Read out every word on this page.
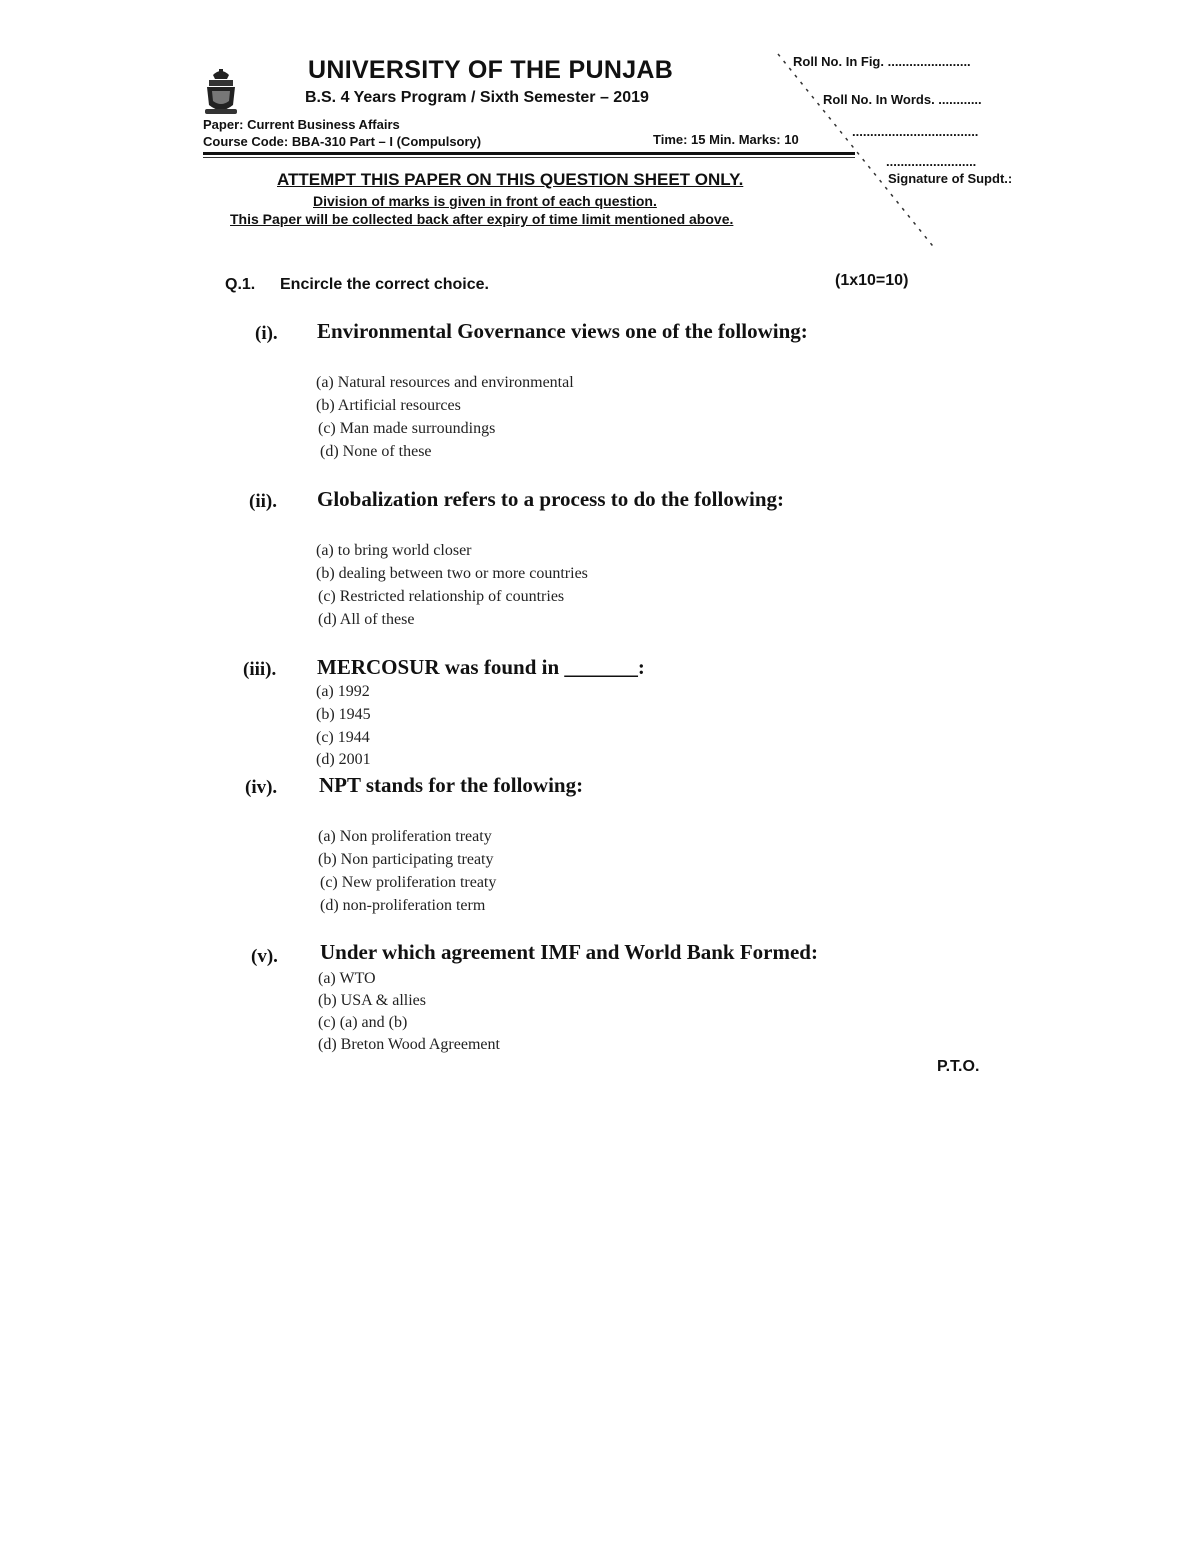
UNIVERSITY OF THE PUNJAB
B.S. 4 Years Program / Sixth Semester – 2019
Paper: Current Business Affairs
Course Code: BBA-310 Part – I (Compulsory)	Time: 15 Min. Marks: 10
Roll No. In Fig. .......................
Roll No. In Words. ............
...................................
.........................
Signature of Supdt.:
ATTEMPT THIS PAPER ON THIS QUESTION SHEET ONLY.
Division of marks is given in front of each question.
This Paper will be collected back after expiry of time limit mentioned above.
Q.1. Encircle the correct choice.	(1x10=10)
(i). Environmental Governance views one of the following:
(a) Natural resources and environmental
(b) Artificial resources
(c) Man made surroundings
(d) None of these
(ii). Globalization refers to a process to do the following:
(a) to bring world closer
(b) dealing between two or more countries
(c) Restricted relationship of countries
(d) All of these
(iii). MERCOSUR was found in _______:
(a) 1992
(b) 1945
(c) 1944
(d) 2001
(iv). NPT stands for the following:
(a) Non proliferation treaty
(b) Non participating treaty
(c) New proliferation treaty
(d) non-proliferation term
(v). Under which agreement IMF and World Bank Formed:
(a) WTO
(b) USA & allies
(c) (a) and (b)
(d) Breton Wood Agreement
P.T.O.
